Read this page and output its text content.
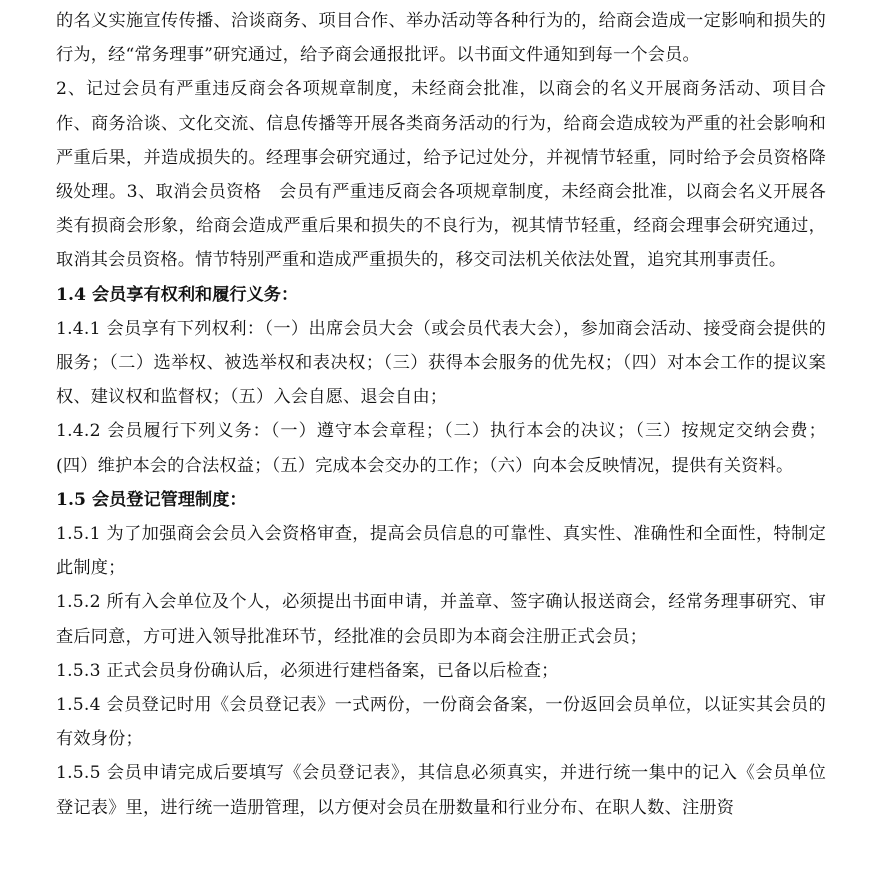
的名义实施宣传传播、洽谈商务、项目合作、举办活动等各种行为的，给商会造成一定影响和损失的行为，经“常务理事”研究通过，给予商会通报批评。以书面文件通知到每一个会员。

2、记过会员有严重违反商会各项规章制度，未经商会批准，以商会的名义开展商务活动、项目合作、商务洽谈、文化交流、信息传播等开展各类商务活动的行为，给商会造成较为严重的社会影响和严重后果，并造成损失的。经理事会研究通过，给予记过处分，并视情节轻重，同时给予会员资格降级处理。3、取消会员资格　会员有严重违反商会各项规章制度，未经商会批准，以商会名义开展各类有损商会形象，给商会造成严重后果和损失的不良行为，视其情节轻重，经商会理事会研究通过，取消其会员资格。情节特别严重和造成严重损失的，移交司法机关依法处置，追究其刑事责任。

1.4 会员享有权利和履行义务：

1.4.1 会员享有下列权利：（一）出席会员大会（或会员代表大会），参加商会活动、接受商会提供的服务；（二）选举权、被选举权和表决权；（三）获得本会服务的优先权；（四）对本会工作的提议案权、建议权和监督权；（五）入会自愿、退会自由；

1.4.2 会员履行下列义务：（一）遵守本会章程；（二）执行本会的决议；（三）按规定交纳会费；(四）维护本会的合法权益；（五）完成本会交办的工作；（六）向本会反映情况，提供有关资料。

1.5 会员登记管理制度：

1.5.1 为了加强商会会员入会资格审查，提高会员信息的可靠性、真实性、准确性和全面性，特制定此制度；

1.5.2 所有入会单位及个人，必须提出书面申请，并盖章、签字确认报送商会，经常务理事研究、审查后同意，方可进入领导批准环节，经批准的会员即为本商会注册正式会员；

1.5.3 正式会员身份确认后，必须进行建档备案，已备以后检查；

1.5.4 会员登记时用《会员登记表》一式两份，一份商会备案，一份返回会员单位，以证实其会员的有效身份；

1.5.5 会员申请完成后要填写《会员登记表》，其信息必须真实，并进行统一集中的记入《会员单位登记表》里，进行统一造册管理，以方便对会员在册数量和行业分布、在职人数、注册资
